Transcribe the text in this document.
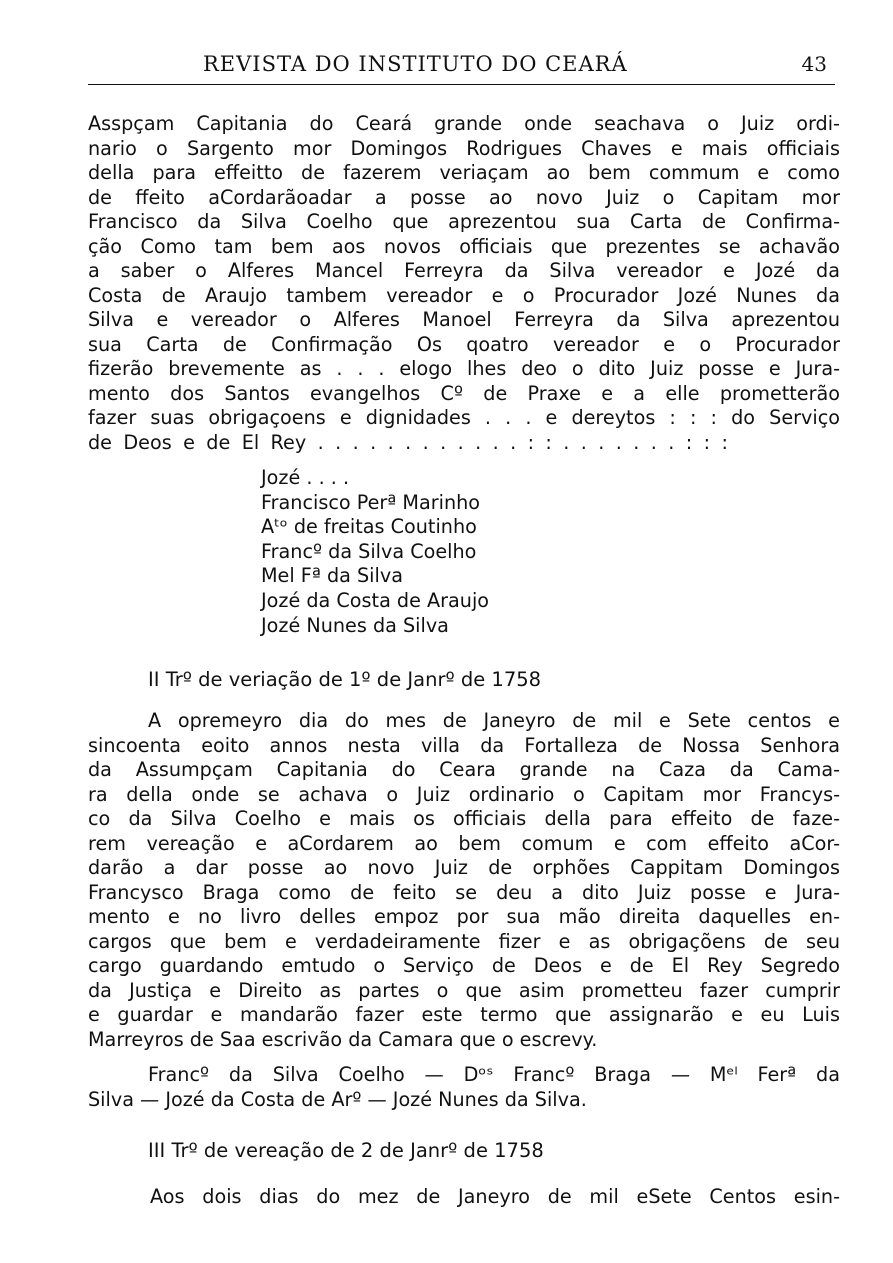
REVISTA DO INSTITUTO DO CEARÁ	43
Asspçam Capitania do Ceará grande onde seachava o Juiz ordi-
nario o Sargento mor Domingos Rodrigues Chaves e mais officiais
della para effeitto de fazerem veriaçam ao bem commum e como
de ffeito aCordarãoadar a posse ao novo Juiz o Capitam mor
Francisco da Silva Coelho que aprezentou sua Carta de Confirma-
ção Como tam bem aos novos officiais que prezentes se achavão
a saber o Alferes Mancel Ferreyra da Silva vereador e Jozé da
Costa de Araujo tambem vereador e o Procurador Jozé Nunes da
Silva e vereador o Alferes Manoel Ferreyra da Silva aprezentou
sua Carta de Confirmação Os qoatro vereador e o Procurador
fizerão brevemente as . . . elogo lhes deo o dito Juiz posse e Jura-
mento dos Santos evangelhos Cº de Praxe e a elle prometterão
fazer suas obrigaçoens e dignidades . . . e dereytos : : : do Serviço
de Deos e de El Rey . . . . . . . . . . . . : : . . . . . . . : : :
Jozé . . . .
Francisco Perª Marinho
Aᵗᵒ de freitas Coutinho
Francº da Silva Coelho
Mel Fª da Silva
Jozé da Costa de Araujo
Jozé Nunes da Silva
II Trº de veriação de 1º de Janrº de 1758
A opremeyro dia do mes de Janeyro de mil e Sete centos e
sincoenta eoito annos nesta villa da Fortalleza de Nossa Senhora
da Assumpçam Capitania do Ceara grande na Caza da Cama-
ra della onde se achava o Juiz ordinario o Capitam mor Francys-
co da Silva Coelho e mais os officiais della para effeito de faze-
rem vereação e aCordarem ao bem comum e com effeito aCor-
darão a dar posse ao novo Juiz de orphões Cappitam Domingos
Francysco Braga como de feito se deu a dito Juiz posse e Jura-
mento e no livro delles empoz por sua mão direita daquelles en-
cargos que bem e verdadeiramente fizer e as obrigaçõens de seu
cargo guardando emtudo o Serviço de Deos e de El Rey Segredo
da Justiça e Direito as partes o que asim prometteu fazer cumprir
e guardar e mandarão fazer este termo que assignarão e eu Luis
Marreyros de Saa escrivão da Camara que o escrevy.
Francº da Silva Coelho — Dᵒˢ Francº Braga — Mᵉˡ Ferª da
Silva — Jozé da Costa de Arº — Jozé Nunes da Silva.
III Trº de vereação de 2 de Janrº de 1758
Aos dois dias do mez de Janeyro de mil eSete Centos esin-
